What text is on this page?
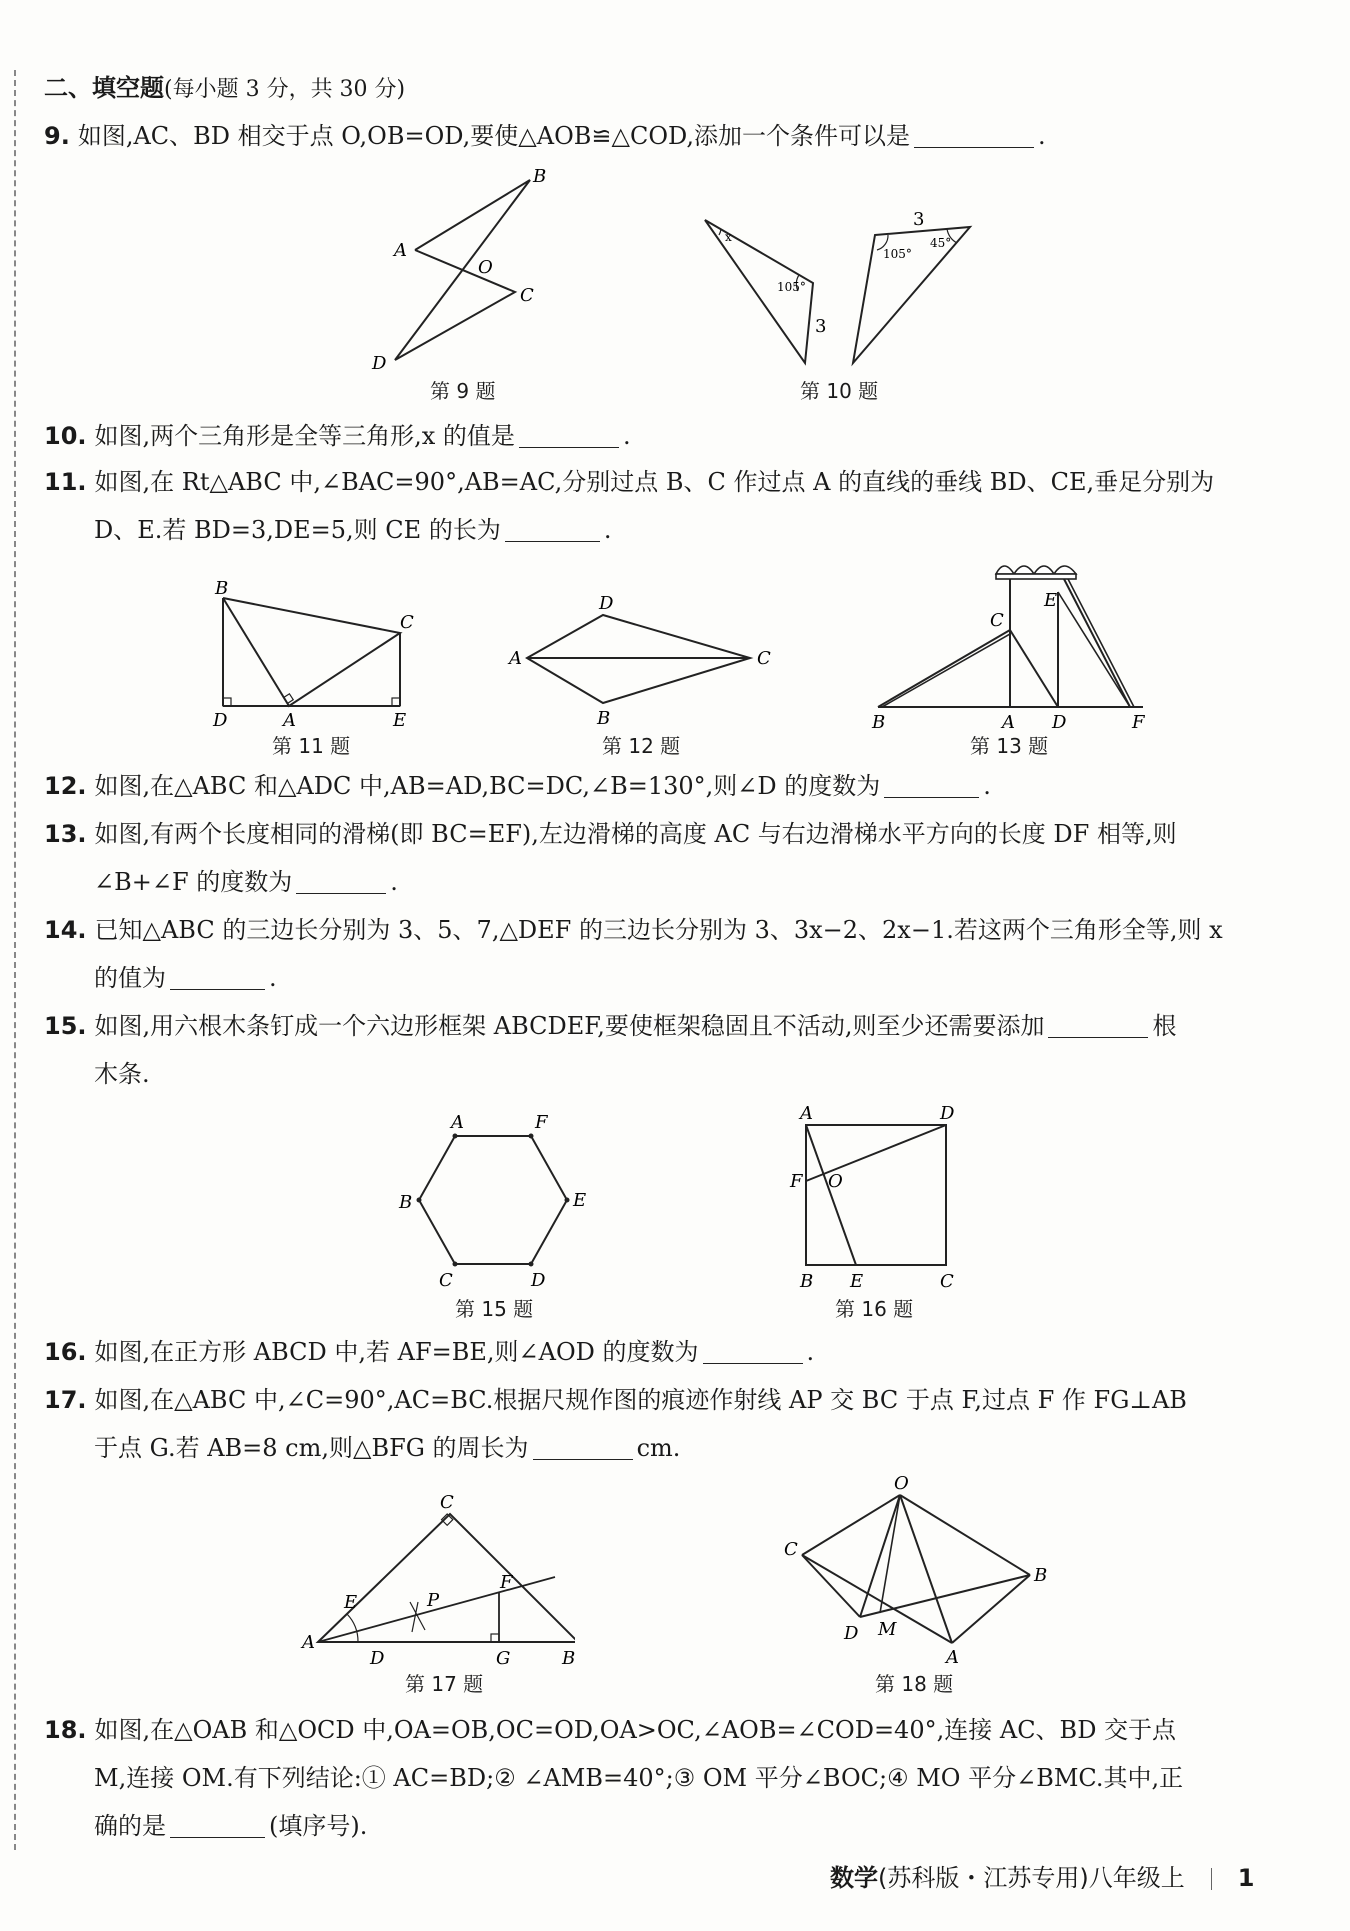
二、填空题(每小题 3 分，共 30 分)
9. 如图,AC、BD 相交于点 O,OB=OD,要使△AOB≌△COD,添加一个条件可以是	.
A
B
O
C
D
第 9 题
x
105°
3
3
105°
45°
第 10 题
10. 如图,两个三角形是全等三角形,x 的值是	.
11. 如图,在 Rt△ABC 中,∠BAC=90°,AB=AC,分别过点 B、C 作过点 A 的直线的垂线 BD、CE,垂足分别为
D、E.若 BD=3,DE=5,则 CE 的长为	.
B
C
D	A	E
第 11 题
D
A	C
B
第 12 题
E
C
B	A D	F
第 13 题
12. 如图,在△ABC 和△ADC 中,AB=AD,BC=DC,∠B=130°,则∠D 的度数为	.
13. 如图,有两个长度相同的滑梯(即 BC=EF),左边滑梯的高度 AC 与右边滑梯水平方向的长度 DF 相等,则
∠B+∠F 的度数为	.
14. 已知△ABC 的三边长分别为 3、5、7,△DEF 的三边长分别为 3、3x−2、2x−1.若这两个三角形全等,则 x
的值为	.
15. 如图,用六根木条钉成一个六边形框架 ABCDEF,要使框架稳固且不活动,则至少还需要添加	根
木条.
A	F
B	E
C	D
第 15 题
A	D
F O
B E	C
第 16 题
16. 如图,在正方形 ABCD 中,若 AF=BE,则∠AOD 的度数为	.
17. 如图,在△ABC 中,∠C=90°,AC=BC.根据尺规作图的痕迹作射线 AP 交 BC 于点 F,过点 F 作 FG⊥AB
于点 G.若 AB=8 cm,则△BFG 的周长为	cm.
C
F
P
E
A
D	G	B
第 17 题
O
C
B
D M
A
第 18 题
18. 如图,在△OAB 和△OCD 中,OA=OB,OC=OD,OA>OC,∠AOB=∠COD=40°,连接 AC、BD 交于点
M,连接 OM.有下列结论:① AC=BD;② ∠AMB=40°;③ OM 平分∠BOC;④ MO 平分∠BMC.其中,正
确的是	(填序号).
数学(苏科版・江苏专用)八年级上 1
